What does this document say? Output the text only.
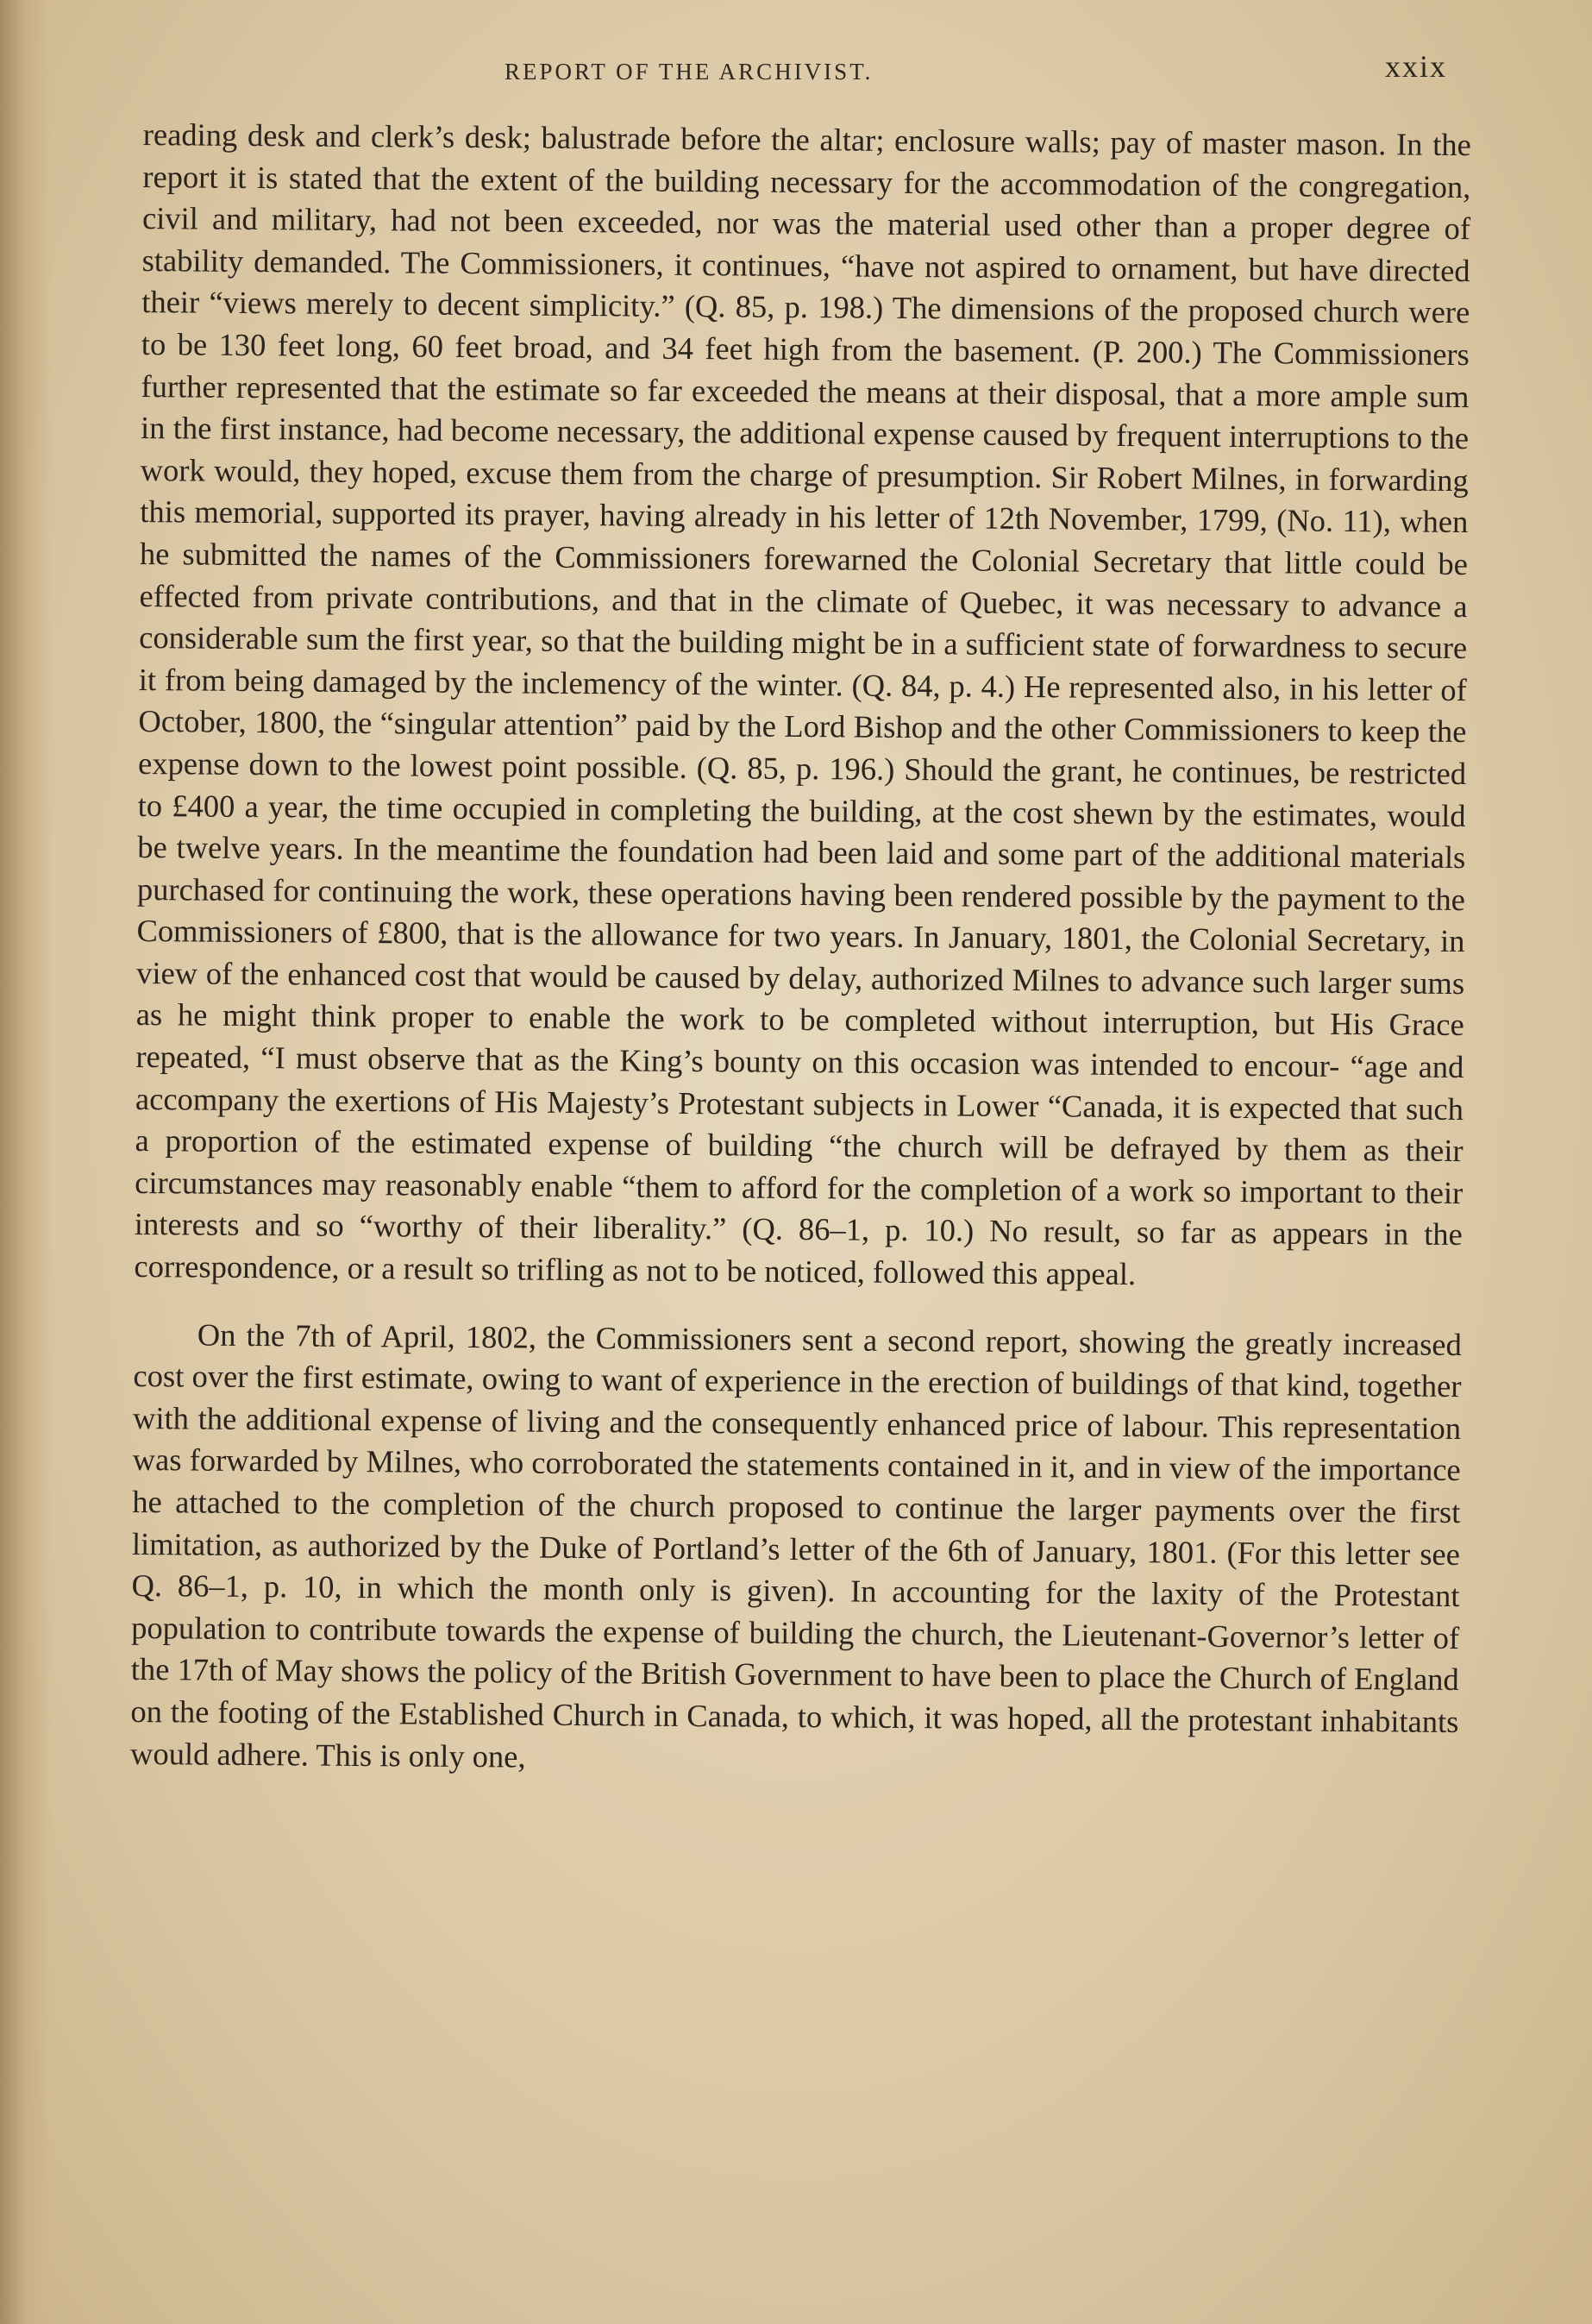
REPORT OF THE ARCHIVIST.	xxix

reading desk and clerk’s desk; balustrade before the altar; enclosure walls; pay of master mason. In the report it is stated that the extent of the building necessary for the accommodation of the congregation, civil and military, had not been exceeded, nor was the material used other than a proper degree of stability demanded. The Commissioners, it continues, “have not aspired to ornament, but have directed their “views merely to decent simplicity.” (Q. 85, p. 198.) The dimensions of the proposed church were to be 130 feet long, 60 feet broad, and 34 feet high from the basement. (P. 200.) The Commissioners further represented that the estimate so far exceeded the means at their disposal, that a more ample sum in the first instance, had become necessary, the additional expense caused by frequent interruptions to the work would, they hoped, excuse them from the charge of presumption. Sir Robert Milnes, in forwarding this memorial, supported its prayer, having already in his letter of 12th November, 1799, (No. 11), when he submitted the names of the Commissioners forewarned the Colonial Secretary that little could be effected from private contributions, and that in the climate of Quebec, it was necessary to advance a considerable sum the first year, so that the building might be in a sufficient state of forwardness to secure it from being damaged by the inclemency of the winter. (Q. 84, p. 4.) He represented also, in his letter of October, 1800, the “singular attention” paid by the Lord Bishop and the other Commissioners to keep the expense down to the lowest point possible. (Q. 85, p. 196.) Should the grant, he continues, be restricted to £400 a year, the time occupied in completing the building, at the cost shewn by the estimates, would be twelve years. In the meantime the foundation had been laid and some part of the additional materials purchased for continuing the work, these operations having been rendered possible by the payment to the Commissioners of £800, that is the allowance for two years. In January, 1801, the Colonial Secretary, in view of the enhanced cost that would be caused by delay, authorized Milnes to advance such larger sums as he might think proper to enable the work to be completed without interruption, but His Grace repeated, “I must observe that as the King’s bounty on this occasion was intended to encour- “age and accompany the exertions of His Majesty’s Protestant subjects in Lower “Canada, it is expected that such a proportion of the estimated expense of building “the church will be defrayed by them as their circumstances may reasonably enable “them to afford for the completion of a work so important to their interests and so “worthy of their liberality.” (Q. 86–1, p. 10.) No result, so far as appears in the correspondence, or a result so trifling as not to be noticed, followed this appeal.

On the 7th of April, 1802, the Commissioners sent a second report, showing the greatly increased cost over the first estimate, owing to want of experience in the erection of buildings of that kind, together with the additional expense of living and the consequently enhanced price of labour. This representation was forwarded by Milnes, who corroborated the statements contained in it, and in view of the importance he attached to the completion of the church proposed to continue the larger payments over the first limitation, as authorized by the Duke of Portland’s letter of the 6th of January, 1801. (For this letter see Q. 86–1, p. 10, in which the month only is given). In accounting for the laxity of the Protestant population to contribute towards the expense of building the church, the Lieutenant-Governor’s letter of the 17th of May shows the policy of the British Government to have been to place the Church of England on the footing of the Established Church in Canada, to which, it was hoped, all the protestant inhabitants would adhere. This is only one,
